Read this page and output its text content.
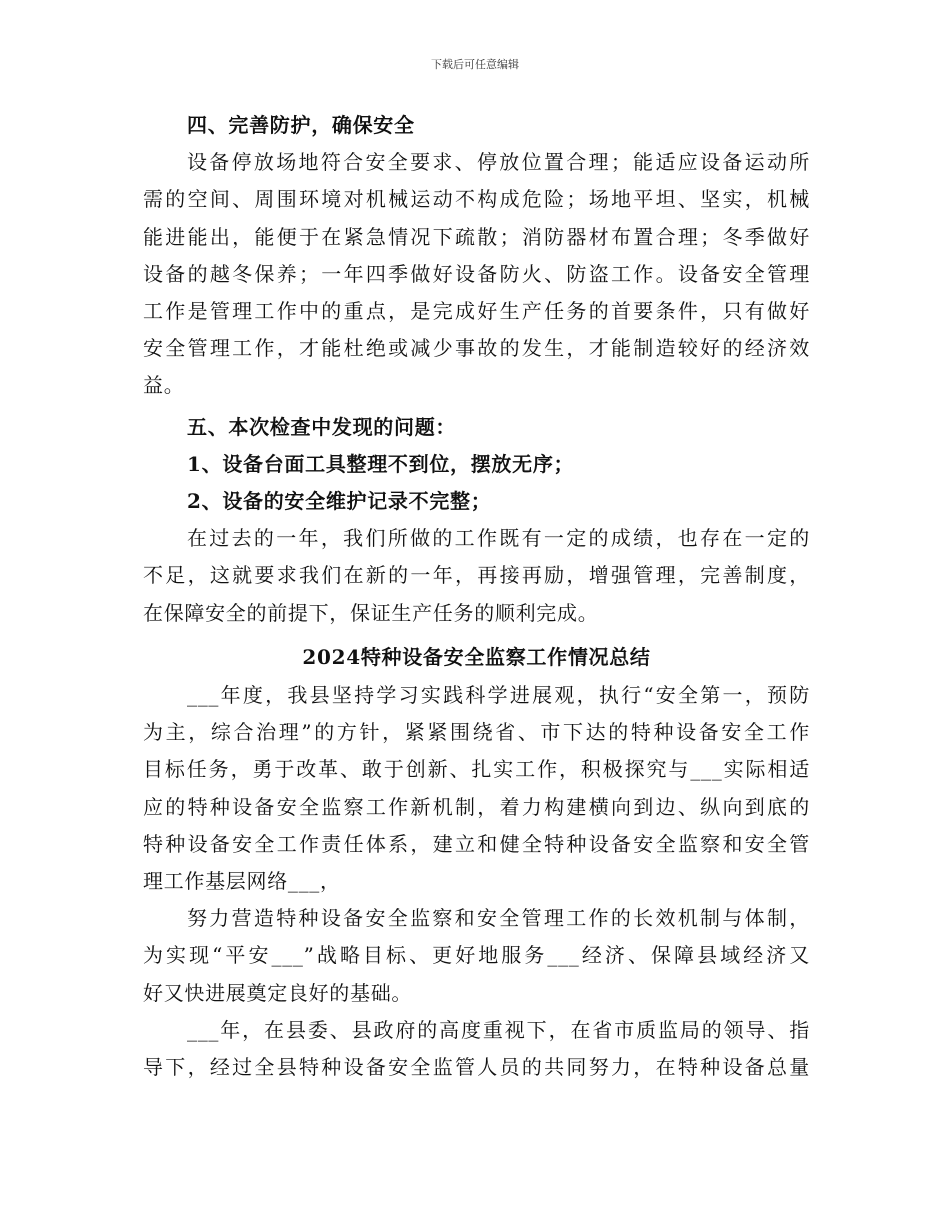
下载后可任意编辑
四、完善防护，确保安全
设备停放场地符合安全要求、停放位置合理；能适应设备运动所
需的空间、周围环境对机械运动不构成危险；场地平坦、坚实，机械
能进能出，能便于在紧急情况下疏散；消防器材布置合理；冬季做好
设备的越冬保养；一年四季做好设备防火、防盗工作。设备安全管理
工作是管理工作中的重点，是完成好生产任务的首要条件，只有做好
安全管理工作，才能杜绝或减少事故的发生，才能制造较好的经济效
益。
五、本次检查中发现的问题：
1、设备台面工具整理不到位，摆放无序；
2、设备的安全维护记录不完整；
在过去的一年，我们所做的工作既有一定的成绩，也存在一定的
不足，这就要求我们在新的一年，再接再励，增强管理，完善制度，
在保障安全的前提下，保证生产任务的顺利完成。
2024特种设备安全监察工作情况总结
___年度，我县坚持学习实践科学进展观，执行“安全第一，预防
为主，综合治理”的方针，紧紧围绕省、市下达的特种设备安全工作
目标任务，勇于改革、敢于创新、扎实工作，积极探究与___实际相适
应的特种设备安全监察工作新机制，着力构建横向到边、纵向到底的
特种设备安全工作责任体系，建立和健全特种设备安全监察和安全管
理工作基层网络___，
努力营造特种设备安全监察和安全管理工作的长效机制与体制，
为实现“平安___”战略目标、更好地服务___经济、保障县域经济又
好又快进展奠定良好的基础。
___年，在县委、县政府的高度重视下，在省市质监局的领导、指
导下，经过全县特种设备安全监管人员的共同努力，在特种设备总量
